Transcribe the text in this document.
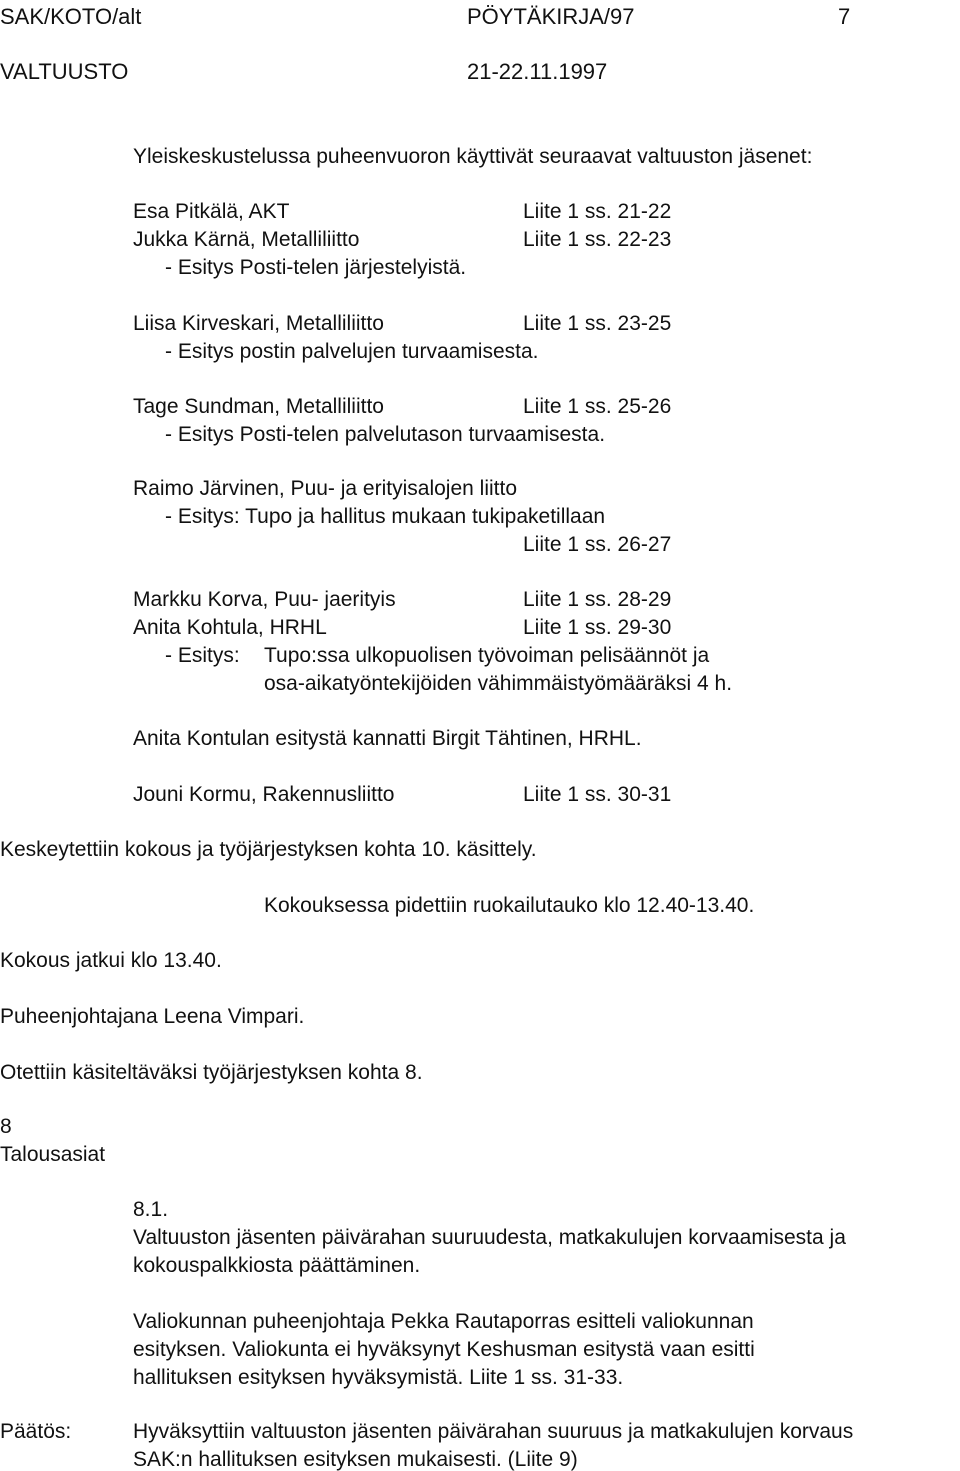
SAK/KOTO/alt	PÖYTÄKIRJA/97	7
VALTUUSTO	21-22.11.1997
Yleiskeskustelussa puheenvuoron käyttivät seuraavat valtuuston jäsenet:
Esa Pitkälä, AKT	Liite 1 ss. 21-22
Jukka Kärnä, Metalliliitto	Liite 1 ss. 22-23
- Esitys Posti-telen järjestelyistä.
Liisa Kirveskari, Metalliliitto	Liite 1 ss. 23-25
- Esitys postin palvelujen turvaamisesta.
Tage Sundman, Metalliliitto	Liite 1 ss. 25-26
- Esitys Posti-telen palvelutason turvaamisesta.
Raimo Järvinen, Puu- ja erityisalojen liitto
- Esitys: Tupo ja hallitus mukaan tukipaketillaan
Liite 1 ss. 26-27
Markku Korva, Puu- jaerityis	Liite 1 ss. 28-29
Anita Kohtula, HRHL	Liite 1 ss. 29-30
- Esitys: Tupo:ssa ulkopuolisen työvoiman pelisäännöt ja
osa-aikatyöntekijöiden vähimmäistyömääräksi 4 h.
Anita Kontulan esitystä kannatti Birgit Tähtinen, HRHL.
Jouni Kormu, Rakennusliitto	Liite 1 ss. 30-31
Keskeytettiin kokous ja työjärjestyksen kohta 10. käsittely.
Kokouksessa pidettiin ruokailutauko klo 12.40-13.40.
Kokous jatkui klo 13.40.
Puheenjohtajana Leena Vimpari.
Otettiin käsiteltäväksi työjärjestyksen kohta 8.
8
Talousasiat
8.1.
Valtuuston jäsenten päivärahan suuruudesta, matkakulujen korvaamisesta ja
kokouspalkkiosta päättäminen.
Valiokunnan puheenjohtaja Pekka Rautaporras esitteli valiokunnan
esityksen. Valiokunta ei hyväksynyt Keshusman esitystä vaan esitti
hallituksen esityksen hyväksymistä. Liite 1 ss. 31-33.
Päätös:	Hyväksyttiin valtuuston jäsenten päivärahan suuruus ja matkakulujen korvaus
SAK:n hallituksen esityksen mukaisesti. (Liite 9)
